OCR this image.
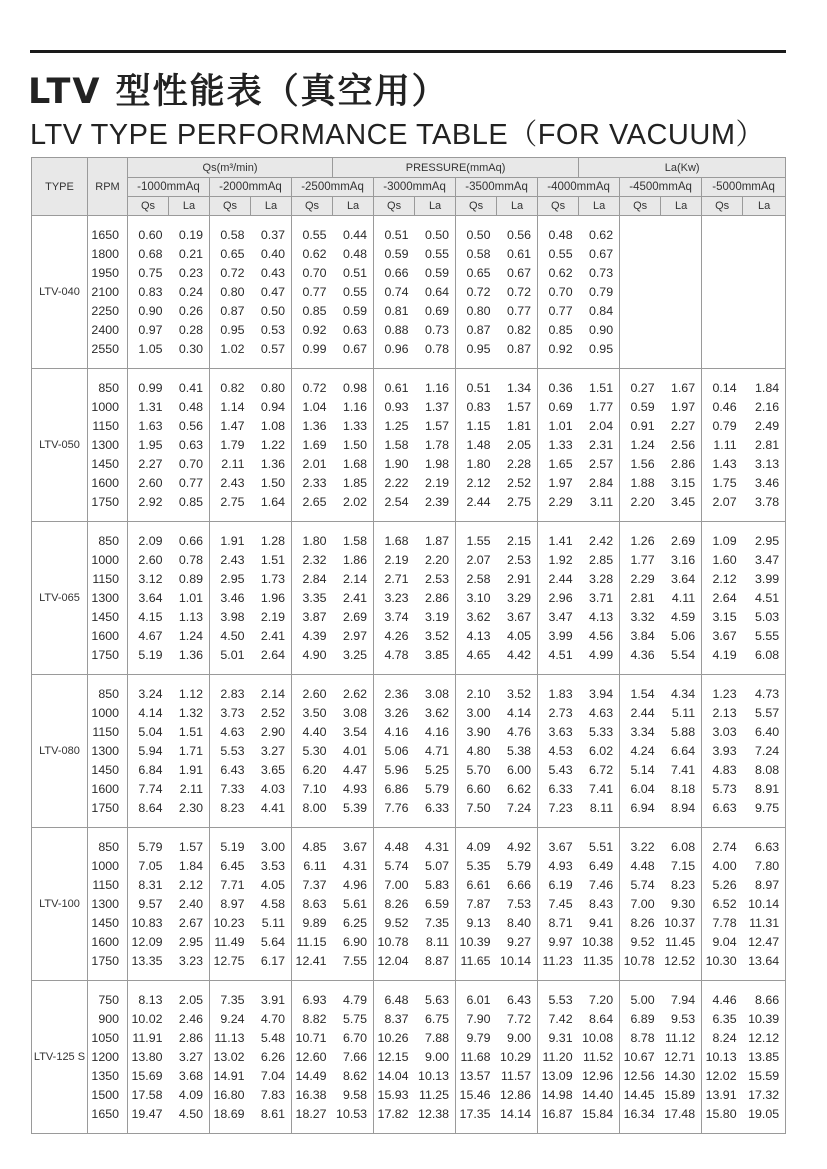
LTV 型性能表（真空用）
LTV TYPE PERFORMANCE TABLE（FOR VACUUM）
TYPE	RPM	Qs(m³/min)					PRESSURE(mmAq)						La(Kw)				
		-1000mmAq		-2000mmAq		-2500mmAq		-3000mmAq		-3500mmAq		-4000mmAq		-4500mmAq		-5000mmAq	
		Qs	La	Qs	La	Qs	La	Qs	La	Qs	La	Qs	La	Qs	La	Qs	La
LTV-040	1650	0.60	0.19	0.58	0.37	0.55	0.44	0.51	0.50	0.50	0.56	0.48	0.62				
	1800	0.68	0.21	0.65	0.40	0.62	0.48	0.59	0.55	0.58	0.61	0.55	0.67				
	1950	0.75	0.23	0.72	0.43	0.70	0.51	0.66	0.59	0.65	0.67	0.62	0.73				
	2100	0.83	0.24	0.80	0.47	0.77	0.55	0.74	0.64	0.72	0.72	0.70	0.79				
	2250	0.90	0.26	0.87	0.50	0.85	0.59	0.81	0.69	0.80	0.77	0.77	0.84				
	2400	0.97	0.28	0.95	0.53	0.92	0.63	0.88	0.73	0.87	0.82	0.85	0.90				
	2550	1.05	0.30	1.02	0.57	0.99	0.67	0.96	0.78	0.95	0.87	0.92	0.95				
LTV-050	850	0.99	0.41	0.82	0.80	0.72	0.98	0.61	1.16	0.51	1.34	0.36	1.51	0.27	1.67	0.14	1.84
	1000	1.31	0.48	1.14	0.94	1.04	1.16	0.93	1.37	0.83	1.57	0.69	1.77	0.59	1.97	0.46	2.16
	1150	1.63	0.56	1.47	1.08	1.36	1.33	1.25	1.57	1.15	1.81	1.01	2.04	0.91	2.27	0.79	2.49
	1300	1.95	0.63	1.79	1.22	1.69	1.50	1.58	1.78	1.48	2.05	1.33	2.31	1.24	2.56	1.11	2.81
	1450	2.27	0.70	2.11	1.36	2.01	1.68	1.90	1.98	1.80	2.28	1.65	2.57	1.56	2.86	1.43	3.13
	1600	2.60	0.77	2.43	1.50	2.33	1.85	2.22	2.19	2.12	2.52	1.97	2.84	1.88	3.15	1.75	3.46
	1750	2.92	0.85	2.75	1.64	2.65	2.02	2.54	2.39	2.44	2.75	2.29	3.11	2.20	3.45	2.07	3.78
LTV-065	850	2.09	0.66	1.91	1.28	1.80	1.58	1.68	1.87	1.55	2.15	1.41	2.42	1.26	2.69	1.09	2.95
	1000	2.60	0.78	2.43	1.51	2.32	1.86	2.19	2.20	2.07	2.53	1.92	2.85	1.77	3.16	1.60	3.47
	1150	3.12	0.89	2.95	1.73	2.84	2.14	2.71	2.53	2.58	2.91	2.44	3.28	2.29	3.64	2.12	3.99
	1300	3.64	1.01	3.46	1.96	3.35	2.41	3.23	2.86	3.10	3.29	2.96	3.71	2.81	4.11	2.64	4.51
	1450	4.15	1.13	3.98	2.19	3.87	2.69	3.74	3.19	3.62	3.67	3.47	4.13	3.32	4.59	3.15	5.03
	1600	4.67	1.24	4.50	2.41	4.39	2.97	4.26	3.52	4.13	4.05	3.99	4.56	3.84	5.06	3.67	5.55
	1750	5.19	1.36	5.01	2.64	4.90	3.25	4.78	3.85	4.65	4.42	4.51	4.99	4.36	5.54	4.19	6.08
LTV-080	850	3.24	1.12	2.83	2.14	2.60	2.62	2.36	3.08	2.10	3.52	1.83	3.94	1.54	4.34	1.23	4.73
	1000	4.14	1.32	3.73	2.52	3.50	3.08	3.26	3.62	3.00	4.14	2.73	4.63	2.44	5.11	2.13	5.57
	1150	5.04	1.51	4.63	2.90	4.40	3.54	4.16	4.16	3.90	4.76	3.63	5.33	3.34	5.88	3.03	6.40
	1300	5.94	1.71	5.53	3.27	5.30	4.01	5.06	4.71	4.80	5.38	4.53	6.02	4.24	6.64	3.93	7.24
	1450	6.84	1.91	6.43	3.65	6.20	4.47	5.96	5.25	5.70	6.00	5.43	6.72	5.14	7.41	4.83	8.08
	1600	7.74	2.11	7.33	4.03	7.10	4.93	6.86	5.79	6.60	6.62	6.33	7.41	6.04	8.18	5.73	8.91
	1750	8.64	2.30	8.23	4.41	8.00	5.39	7.76	6.33	7.50	7.24	7.23	8.11	6.94	8.94	6.63	9.75
LTV-100	850	5.79	1.57	5.19	3.00	4.85	3.67	4.48	4.31	4.09	4.92	3.67	5.51	3.22	6.08	2.74	6.63
	1000	7.05	1.84	6.45	3.53	6.11	4.31	5.74	5.07	5.35	5.79	4.93	6.49	4.48	7.15	4.00	7.80
	1150	8.31	2.12	7.71	4.05	7.37	4.96	7.00	5.83	6.61	6.66	6.19	7.46	5.74	8.23	5.26	8.97
	1300	9.57	2.40	8.97	4.58	8.63	5.61	8.26	6.59	7.87	7.53	7.45	8.43	7.00	9.30	6.52	10.14
	1450	10.83	2.67	10.23	5.11	9.89	6.25	9.52	7.35	9.13	8.40	8.71	9.41	8.26	10.37	7.78	11.31
	1600	12.09	2.95	11.49	5.64	11.15	6.90	10.78	8.11	10.39	9.27	9.97	10.38	9.52	11.45	9.04	12.47
	1750	13.35	3.23	12.75	6.17	12.41	7.55	12.04	8.87	11.65	10.14	11.23	11.35	10.78	12.52	10.30	13.64
LTV-125 S	750	8.13	2.05	7.35	3.91	6.93	4.79	6.48	5.63	6.01	6.43	5.53	7.20	5.00	7.94	4.46	8.66
	900	10.02	2.46	9.24	4.70	8.82	5.75	8.37	6.75	7.90	7.72	7.42	8.64	6.89	9.53	6.35	10.39
	1050	11.91	2.86	11.13	5.48	10.71	6.70	10.26	7.88	9.79	9.00	9.31	10.08	8.78	11.12	8.24	12.12
	1200	13.80	3.27	13.02	6.26	12.60	7.66	12.15	9.00	11.68	10.29	11.20	11.52	10.67	12.71	10.13	13.85
	1350	15.69	3.68	14.91	7.04	14.49	8.62	14.04	10.13	13.57	11.57	13.09	12.96	12.56	14.30	12.02	15.59
	1500	17.58	4.09	16.80	7.83	16.38	9.58	15.93	11.25	15.46	12.86	14.98	14.40	14.45	15.89	13.91	17.32
	1650	19.47	4.50	18.69	8.61	18.27	10.53	17.82	12.38	17.35	14.14	16.87	15.84	16.34	17.48	15.80	19.05
